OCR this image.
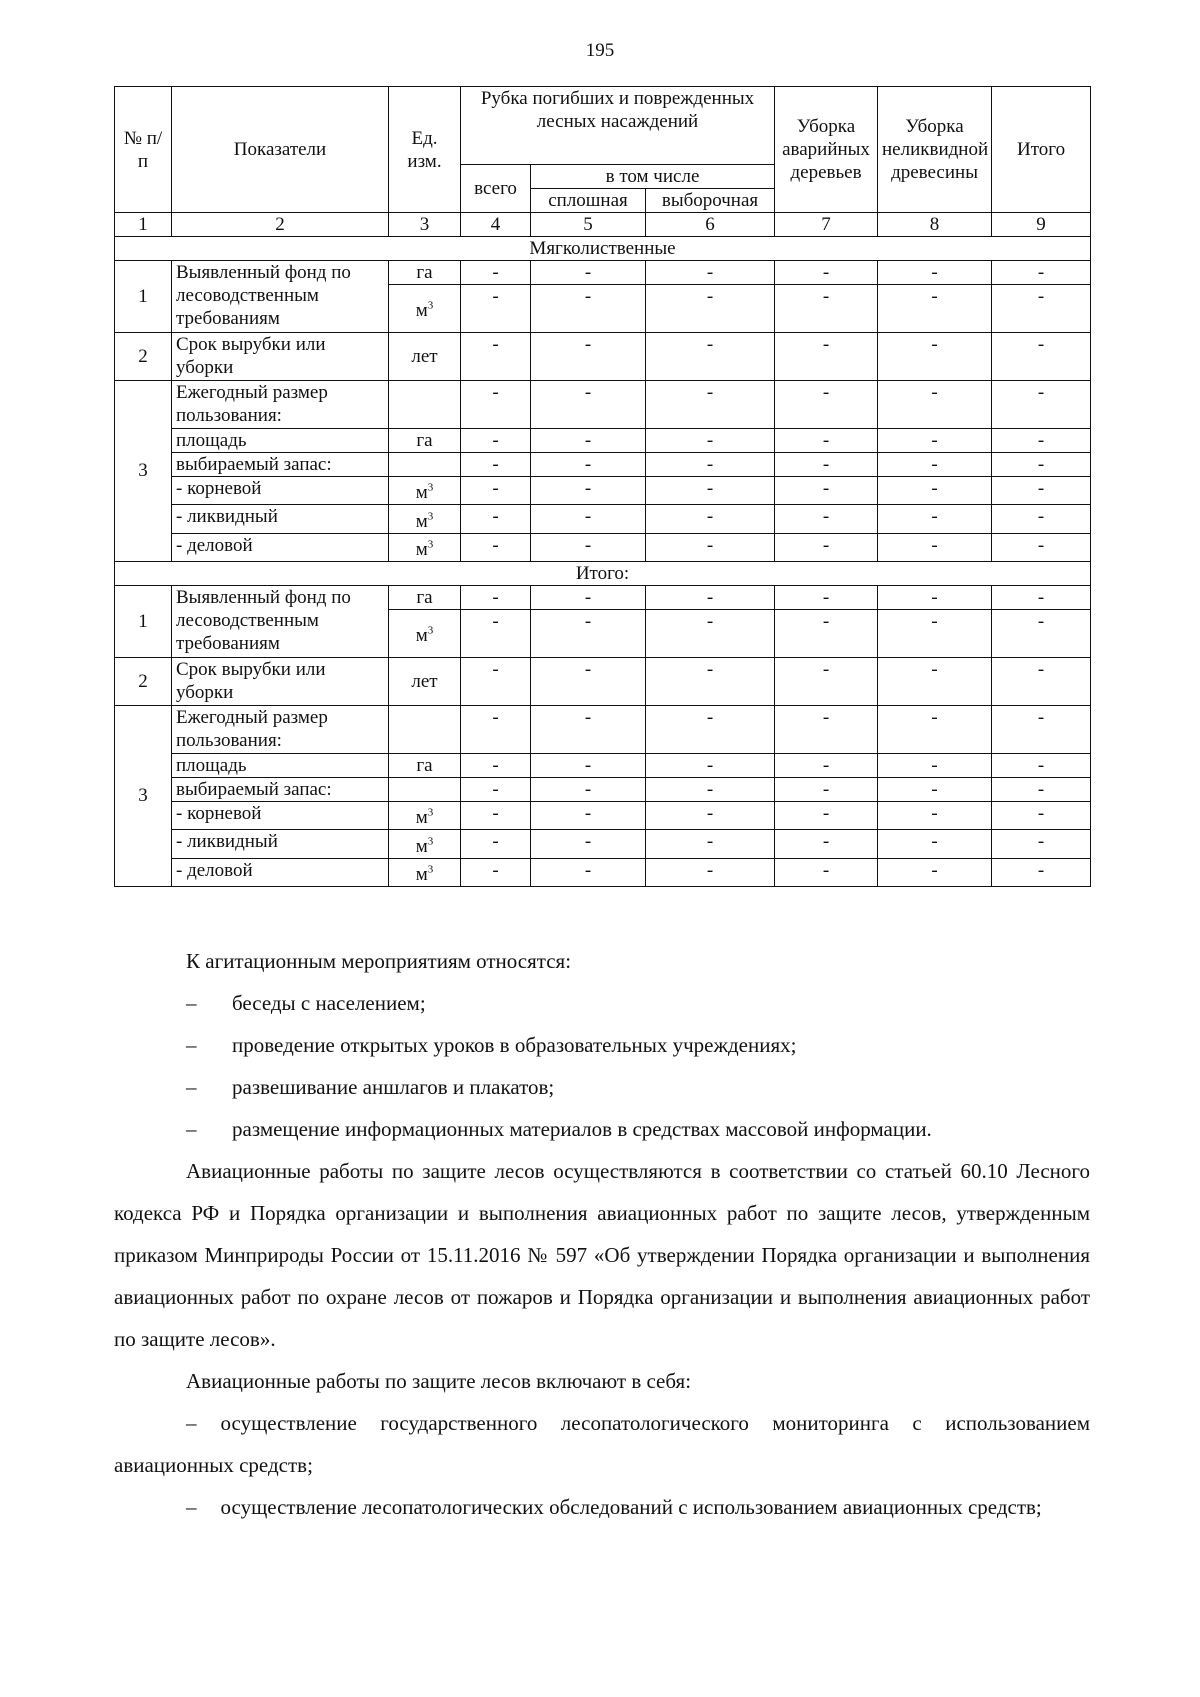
195
№ п/п	Показатели	Ед. изм.	Рубка погибших и поврежденных лесных насаждений			Уборка аварийных деревьев	Уборка неликвидной древесины	Итого
			всего	в том числе				
				сплошная	выборочная			
1	2	3	4	5	6	7	8	9
Мягколиственные								
1	Выявленный фонд по лесоводственным требованиям	га	-	-	-	-	-	-
		$м^3$	-	-	-	-	-	-
2	Срок вырубки или уборки	лет	-	-	-	-	-	-
3	Ежегодный размер пользования:		-	-	-	-	-	-
	площадь	га	-	-	-	-	-	-
	выбираемый запас:		-	-	-	-	-	-
	- корневой	$м^3$	-	-	-	-	-	-
	- ликвидный	$м^3$	-	-	-	-	-	-
	- деловой	$м^3$	-	-	-	-	-	-
Итого:								
1	Выявленный фонд по лесоводственным требованиям	га	-	-	-	-	-	-
		$м^3$	-	-	-	-	-	-
2	Срок вырубки или уборки	лет	-	-	-	-	-	-
3	Ежегодный размер пользования:		-	-	-	-	-	-
	площадь	га	-	-	-	-	-	-
	выбираемый запас:		-	-	-	-	-	-
	- корневой	$м^3$	-	-	-	-	-	-
	- ликвидный	$м^3$	-	-	-	-	-	-
	- деловой	$м^3$	-	-	-	-	-	-
К агитационным мероприятиям относятся:
–	беседы с населением;
–	проведение открытых уроков в образовательных учреждениях;
–	развешивание аншлагов и плакатов;
–	размещение информационных материалов в средствах массовой информации.
Авиационные работы по защите лесов осуществляются в соответствии со статьей 60.10 Лесного кодекса РФ и Порядка организации и выполнения авиационных работ по защите лесов, утвержденным приказом Минприроды России от 15.11.2016 № 597 «Об утверждении Порядка организации и выполнения авиационных работ по охране лесов от пожаров и Порядка организации и выполнения авиационных работ по защите лесов».
Авиационные работы по защите лесов включают в себя:
– осуществление государственного лесопатологического мониторинга с использованием авиационных средств;
– осуществление лесопатологических обследований с использованием авиационных средств;
